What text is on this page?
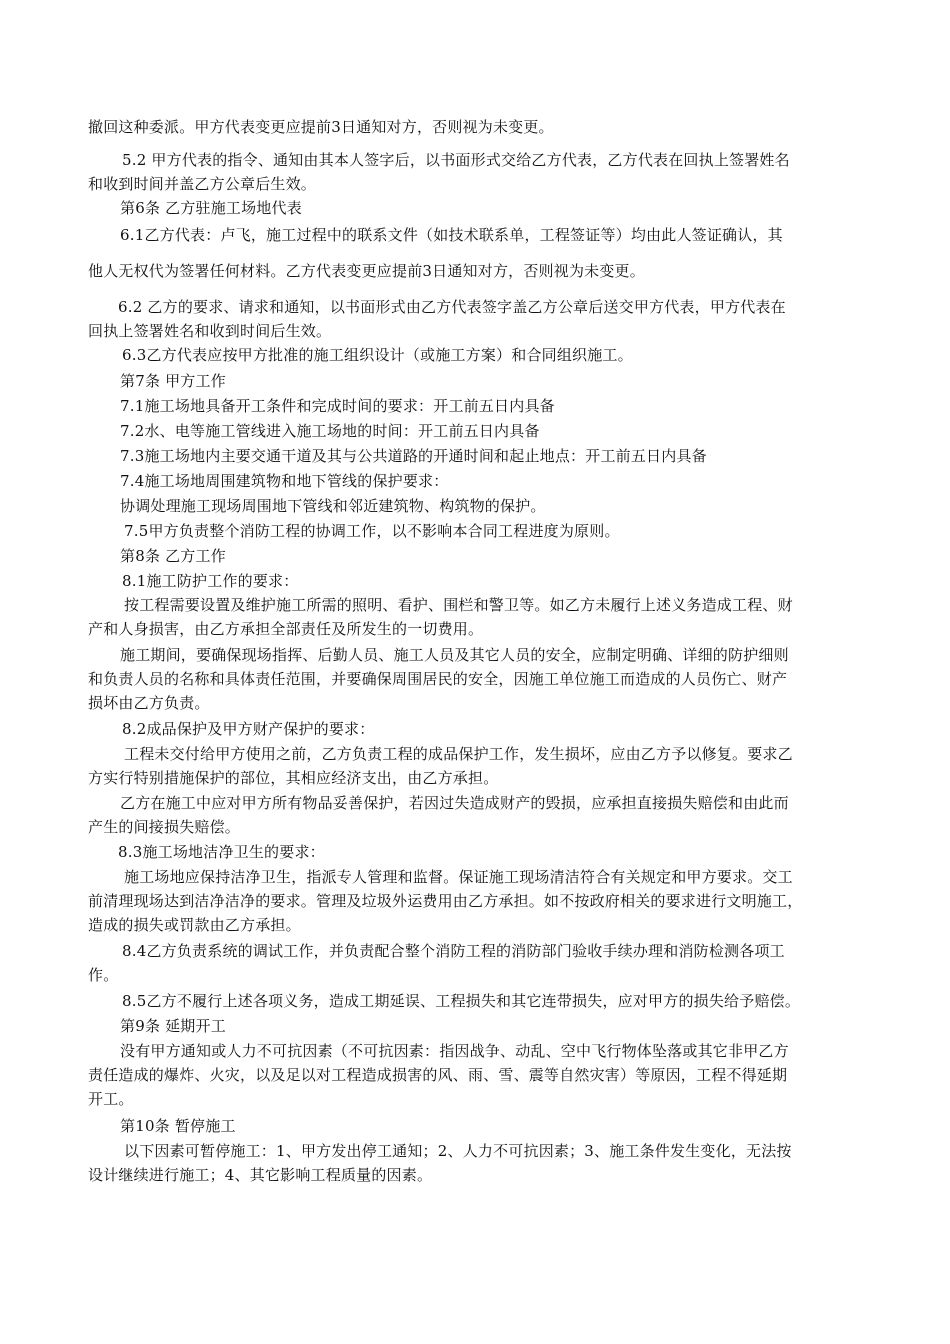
撤回这种委派。甲方代表变更应提前3日通知对方，否则视为未变更。
5.2 甲方代表的指令、通知由其本人签字后，以书面形式交给乙方代表，乙方代表在回执上签署姓名
和收到时间并盖乙方公章后生效。
第6条 乙方驻施工场地代表
6.1乙方代表：卢飞，施工过程中的联系文件（如技术联系单，工程签证等）均由此人签证确认，其
他人无权代为签署任何材料。乙方代表变更应提前3日通知对方，否则视为未变更。
6.2 乙方的要求、请求和通知，以书面形式由乙方代表签字盖乙方公章后送交甲方代表，甲方代表在
回执上签署姓名和收到时间后生效。
6.3乙方代表应按甲方批准的施工组织设计（或施工方案）和合同组织施工。
第7条 甲方工作
7.1施工场地具备开工条件和完成时间的要求：开工前五日内具备
7.2水、电等施工管线进入施工场地的时间：开工前五日内具备
7.3施工场地内主要交通干道及其与公共道路的开通时间和起止地点：开工前五日内具备
7.4施工场地周围建筑物和地下管线的保护要求：
协调处理施工现场周围地下管线和邻近建筑物、构筑物的保护。
7.5甲方负责整个消防工程的协调工作，以不影响本合同工程进度为原则。
第8条 乙方工作
8.1施工防护工作的要求：
按工程需要设置及维护施工所需的照明、看护、围栏和警卫等。如乙方未履行上述义务造成工程、财
产和人身损害，由乙方承担全部责任及所发生的一切费用。
施工期间，要确保现场指挥、后勤人员、施工人员及其它人员的安全，应制定明确、详细的防护细则
和负责人员的名称和具体责任范围，并要确保周围居民的安全，因施工单位施工而造成的人员伤亡、财产
损坏由乙方负责。
8.2成品保护及甲方财产保护的要求：
工程未交付给甲方使用之前，乙方负责工程的成品保护工作，发生损坏，应由乙方予以修复。要求乙
方实行特别措施保护的部位，其相应经济支出，由乙方承担。
乙方在施工中应对甲方所有物品妥善保护，若因过失造成财产的毁损，应承担直接损失赔偿和由此而
产生的间接损失赔偿。
8.3施工场地洁净卫生的要求：
施工场地应保持洁净卫生，指派专人管理和监督。保证施工现场清洁符合有关规定和甲方要求。交工
前清理现场达到洁净洁净的要求。管理及垃圾外运费用由乙方承担。如不按政府相关的要求进行文明施工，
造成的损失或罚款由乙方承担。
8.4乙方负责系统的调试工作，并负责配合整个消防工程的消防部门验收手续办理和消防检测各项工
作。
8.5乙方不履行上述各项义务，造成工期延误、工程损失和其它连带损失，应对甲方的损失给予赔偿。
第9条 延期开工
没有甲方通知或人力不可抗因素（不可抗因素：指因战争、动乱、空中飞行物体坠落或其它非甲乙方
责任造成的爆炸、火灾，以及足以对工程造成损害的风、雨、雪、震等自然灾害）等原因，工程不得延期
开工。
第10条 暂停施工
以下因素可暂停施工：1、甲方发出停工通知；2、人力不可抗因素；3、施工条件发生变化，无法按
设计继续进行施工；4、其它影响工程质量的因素。
